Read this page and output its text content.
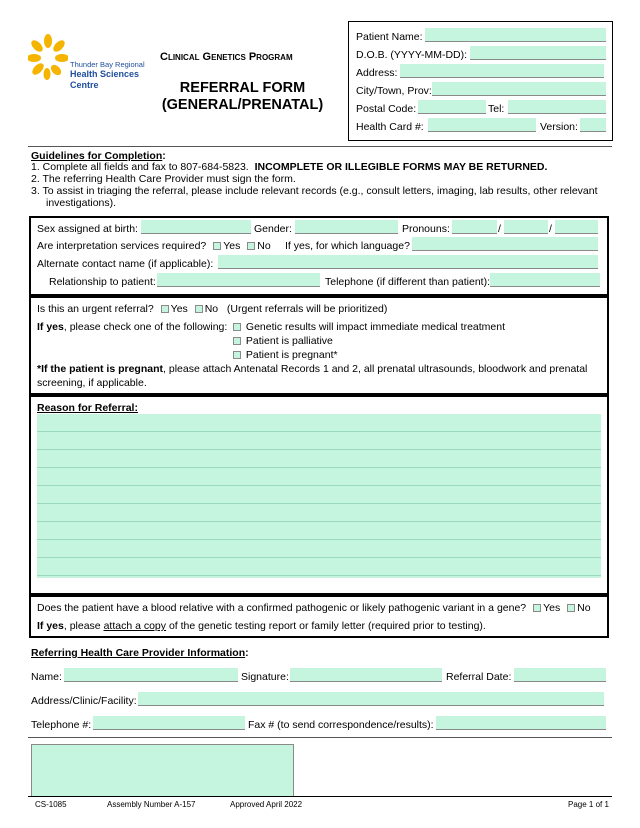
Thunder Bay Regional
Health Sciences
Centre
Clinical Genetics Program
REFERRAL FORM
(GENERAL/PRENATAL)
Patient Name:
D.O.B. (YYYY-MM-DD):
Address:
City/Town, Prov:
Postal Code:	Tel:
Health Card #:	Version:
Guidelines for Completion:
1. Complete all fields and fax to 807-684-5823. INCOMPLETE OR ILLEGIBLE FORMS MAY BE RETURNED.
2. The referring Health Care Provider must sign the form.
3. To assist in triaging the referral, please include relevant records (e.g., consult letters, imaging, lab results, other relevant
investigations).
Sex assigned at birth:	Gender:	Pronouns:	/	/
Are interpretation services required? Yes No If yes, for which language?
Alternate contact name (if applicable):
Relationship to patient:	Telephone (if different than patient):
Is this an urgent referral? Yes No (Urgent referrals will be prioritized)
If yes, please check one of the following:	Genetic results will impact immediate medical treatment
Patient is palliative
Patient is pregnant*
*If the patient is pregnant, please attach Antenatal Records 1 and 2, all prenatal ultrasounds, bloodwork and prenatal
screening, if applicable.
Reason for Referral:
Does the patient have a blood relative with a confirmed pathogenic or likely pathogenic variant in a gene? Yes No
If yes, please attach a copy of the genetic testing report or family letter (required prior to testing).
Referring Health Care Provider Information:
Name:	Signature:	Referral Date:
Address/Clinic/Facility:
Telephone #:	Fax # (to send correspondence/results):
CS-1085	Assembly Number A-157	Approved April 2022	Page 1 of 1
